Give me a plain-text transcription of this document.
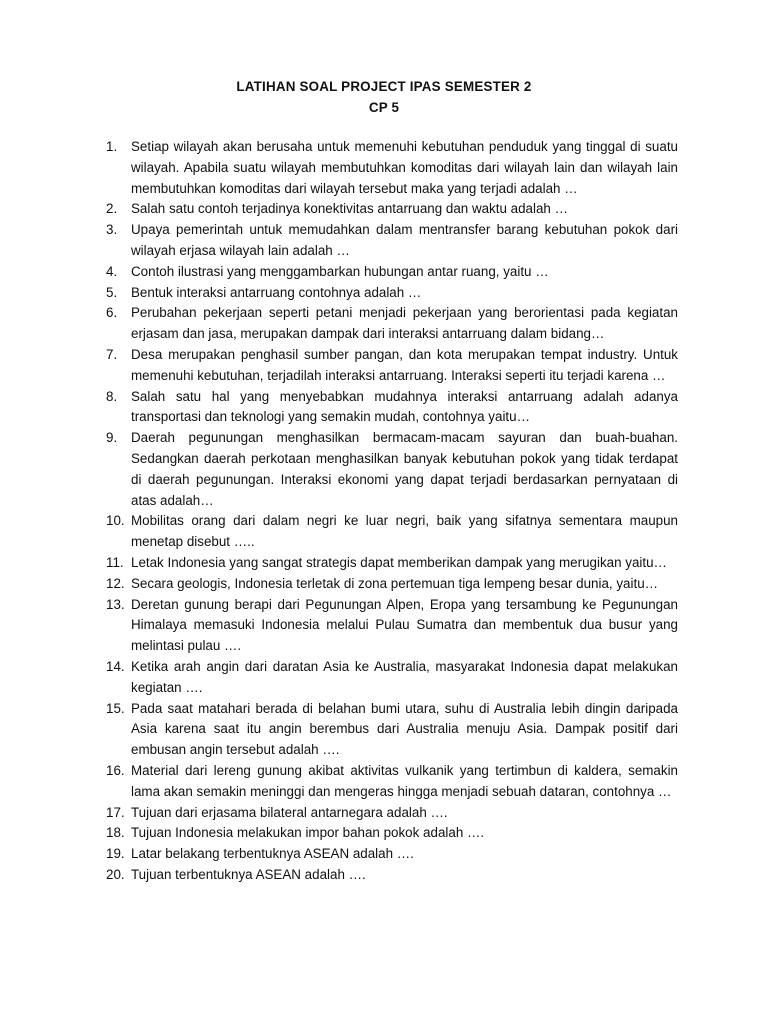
LATIHAN SOAL PROJECT IPAS SEMESTER 2
CP 5
1.	Setiap wilayah akan berusaha untuk memenuhi kebutuhan penduduk yang tinggal di suatu wilayah. Apabila suatu wilayah membutuhkan komoditas dari wilayah lain dan wilayah lain membutuhkan komoditas dari wilayah tersebut maka yang terjadi adalah …
2.	Salah satu contoh terjadinya konektivitas antarruang dan waktu adalah …
3.	Upaya pemerintah untuk memudahkan dalam mentransfer barang kebutuhan pokok dari wilayah erjasa wilayah lain adalah …
4.	Contoh ilustrasi yang menggambarkan hubungan antar ruang, yaitu …
5.	Bentuk interaksi antarruang contohnya adalah …
6.	Perubahan pekerjaan seperti petani menjadi pekerjaan yang berorientasi pada kegiatan erjasam dan jasa, merupakan dampak dari interaksi antarruang dalam bidang…
7.	Desa merupakan penghasil sumber pangan, dan kota merupakan tempat industry. Untuk memenuhi kebutuhan, terjadilah interaksi antarruang. Interaksi seperti itu terjadi karena …
8.	Salah satu hal yang menyebabkan mudahnya interaksi antarruang adalah adanya transportasi dan teknologi yang semakin mudah, contohnya yaitu…
9.	Daerah pegunungan menghasilkan bermacam-macam sayuran dan buah-buahan. Sedangkan daerah perkotaan menghasilkan banyak kebutuhan pokok yang tidak terdapat di daerah pegunungan. Interaksi ekonomi yang dapat terjadi berdasarkan pernyataan di atas adalah…
10. Mobilitas orang dari dalam negri ke luar negri, baik yang sifatnya sementara maupun menetap disebut …..
11. Letak Indonesia yang sangat strategis dapat memberikan dampak yang merugikan yaitu…
12. Secara geologis, Indonesia terletak di zona pertemuan tiga lempeng besar dunia, yaitu…
13. Deretan gunung berapi dari Pegunungan Alpen, Eropa yang tersambung ke Pegunungan Himalaya memasuki Indonesia melalui Pulau Sumatra dan membentuk dua busur yang melintasi pulau ….
14. Ketika arah angin dari daratan Asia ke Australia, masyarakat Indonesia dapat melakukan kegiatan ….
15. Pada saat matahari berada di belahan bumi utara, suhu di Australia lebih dingin daripada Asia karena saat itu angin berembus dari Australia menuju Asia. Dampak positif dari embusan angin tersebut adalah ….
16. Material dari lereng gunung akibat aktivitas vulkanik yang tertimbun di kaldera, semakin lama akan semakin meninggi dan mengeras hingga menjadi sebuah dataran, contohnya …
17. Tujuan dari erjasama bilateral antarnegara adalah ….
18. Tujuan Indonesia melakukan impor bahan pokok adalah ….
19. Latar belakang terbentuknya ASEAN adalah ….
20. Tujuan terbentuknya ASEAN adalah ….
